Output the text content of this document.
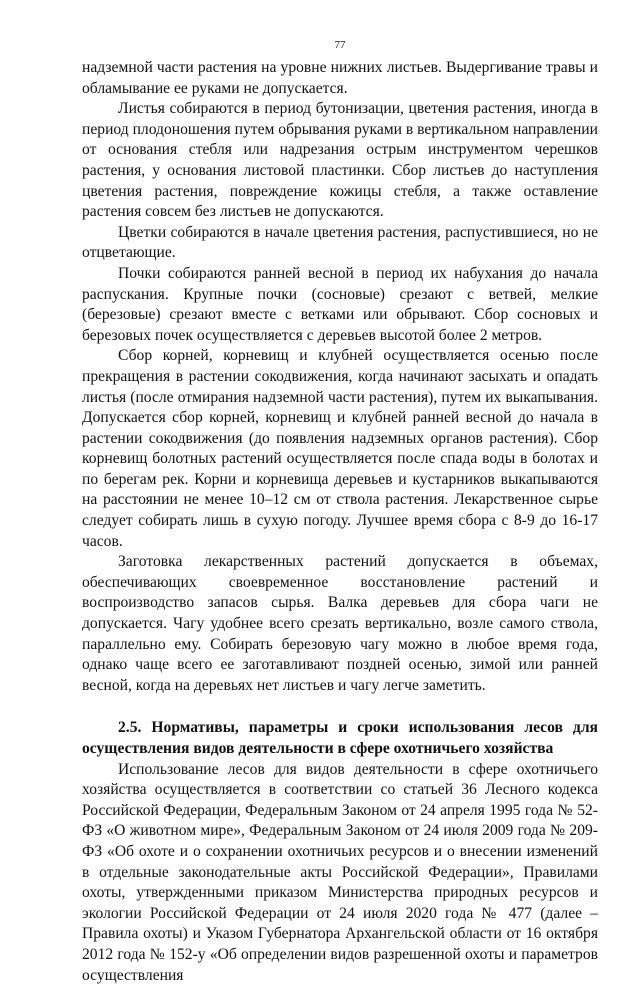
77

надземной части растения на уровне нижних листьев. Выдергивание травы и обламывание ее руками не допускается.

Листья собираются в период бутонизации, цветения растения, иногда в период плодоношения путем обрывания руками в вертикальном направлении от основания стебля или надрезания острым инструментом черешков растения, у основания листовой пластинки. Сбор листьев до наступления цветения растения, повреждение кожицы стебля, а также оставление растения совсем без листьев не допускаются.

Цветки собираются в начале цветения растения, распустившиеся, но не отцветающие.

Почки собираются ранней весной в период их набухания до начала распускания. Крупные почки (сосновые) срезают с ветвей, мелкие (березовые) срезают вместе с ветками или обрывают. Сбор сосновых и березовых почек осуществляется с деревьев высотой более 2 метров.

Сбор корней, корневищ и клубней осуществляется осенью после прекращения в растении сокодвижения, когда начинают засыхать и опадать листья (после отмирания надземной части растения), путем их выкапывания. Допускается сбор корней, корневищ и клубней ранней весной до начала в растении сокодвижения (до появления надземных органов растения). Сбор корневищ болотных растений осуществляется после спада воды в болотах и по берегам рек. Корни и корневища деревьев и кустарников выкапываются на расстоянии не менее 10–12 см от ствола растения. Лекарственное сырье следует собирать лишь в сухую погоду. Лучшее время сбора с 8-9 до 16-17 часов.

Заготовка лекарственных растений допускается в объемах, обеспечивающих своевременное восстановление растений и воспроизводство запасов сырья. Валка деревьев для сбора чаги не допускается. Чагу удобнее всего срезать вертикально, возле самого ствола, параллельно ему. Собирать березовую чагу можно в любое время года, однако чаще всего ее заготавливают поздней осенью, зимой или ранней весной, когда на деревьях нет листьев и чагу легче заметить.

2.5. Нормативы, параметры и сроки использования лесов для осуществления видов деятельности в сфере охотничьего хозяйства

Использование лесов для видов деятельности в сфере охотничьего хозяйства осуществляется в соответствии со статьей 36 Лесного кодекса Российской Федерации, Федеральным Законом от 24 апреля 1995 года № 52-ФЗ «О животном мире», Федеральным Законом от 24 июля 2009 года № 209-ФЗ «Об охоте и о сохранении охотничьих ресурсов и о внесении изменений в отдельные законодательные акты Российской Федерации», Правилами охоты, утвержденными приказом Министерства природных ресурсов и экологии Российской Федерации от 24 июля 2020 года № 477 (далее – Правила охоты) и Указом Губернатора Архангельской области от 16 октября 2012 года № 152-у «Об определении видов разрешенной охоты и параметров осуществления
